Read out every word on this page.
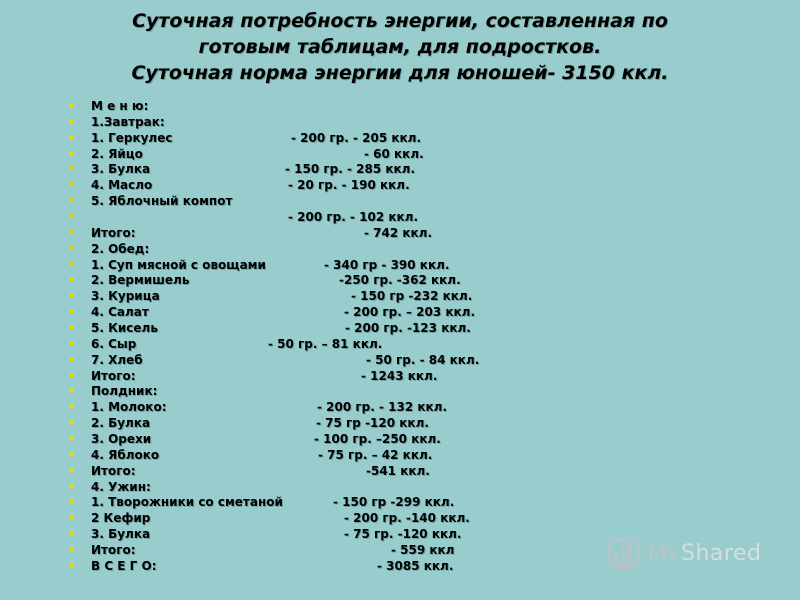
Суточная потребность энергии, составленная по
готовым таблицам, для подростков.
Суточная норма энергии для юношей- 3150 ккл.
• М е н ю:
• 1.Завтрак:
• 1. Геркулес	- 200 гр. - 205 ккл.
• 2. Яйцо	- 60 ккл.
• 3. Булка	- 150 гр. - 285 ккл.
• 4. Масло	- 20 гр. - 190 ккл.
• 5. Яблочный компот
•	- 200 гр. - 102 ккл.
• Итого:	- 742 ккл.
• 2. Обед:
• 1. Суп мясной с овощами	- 340 гр - 390 ккл.
• 2. Вермишель	-250 гр. -362 ккл.
• 3. Курица	- 150 гр -232 ккл.
• 4. Салат	- 200 гр. – 203 ккл.
• 5. Кисель	- 200 гр. -123 ккл.
• 6. Сыр	- 50 гр. – 81 ккл.
• 7. Хлеб	- 50 гр. - 84 ккл.
• Итого:	- 1243 ккл.
• Полдник:
• 1. Молоко:	- 200 гр. - 132 ккл.
• 2. Булка	- 75 гр -120 ккл.
• 3. Орехи	- 100 гр. –250 ккл.
• 4. Яблоко	- 75 гр. – 42 ккл.
• Итого:	-541 ккл.
• 4. Ужин:
• 1. Творожники со сметаной	- 150 гр -299 ккл.
• 2 Кефир	- 200 гр. -140 ккл.
• 3. Булка	- 75 гр. -120 ккл.
• Итого:	- 559 ккл
• В С Е Г О:	- 3085 ккл.	MyShared
